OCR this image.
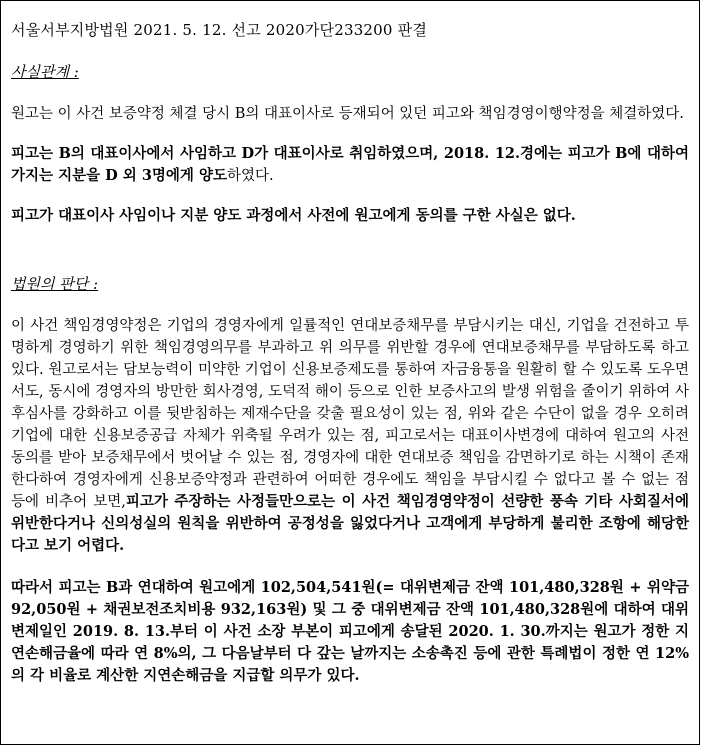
서울서부지방법원 2021. 5. 12. 선고 2020가단233200 판결

사실관계 :

원고는 이 사건 보증약정 체결 당시 B의 대표이사로 등재되어 있던 피고와 책임경영이행약정을 체결하였다.

피고는 B의 대표이사에서 사임하고 D가 대표이사로 취임하였으며, 2018. 12.경에는 피고가 B에 대하여 가지는 지분을 D 외 3명에게 양도하였다.

피고가 대표이사 사임이나 지분 양도 과정에서 사전에 원고에게 동의를 구한 사실은 없다.

법원의 판단 :

이 사건 책임경영약정은 기업의 경영자에게 일률적인 연대보증채무를 부담시키는 대신, 기업을 건전하고 투명하게 경영하기 위한 책임경영의무를 부과하고 위 의무를 위반할 경우에 연대보증채무를 부담하도록 하고 있다. 원고로서는 담보능력이 미약한 기업이 신용보증제도를 통하여 자금융통을 원활히 할 수 있도록 도우면서도, 동시에 경영자의 방만한 회사경영, 도덕적 해이 등으로 인한 보증사고의 발생 위험을 줄이기 위하여 사후심사를 강화하고 이를 뒷받침하는 제재수단을 갖출 필요성이 있는 점, 위와 같은 수단이 없을 경우 오히려 기업에 대한 신용보증공급 자체가 위축될 우려가 있는 점, 피고로서는 대표이사변경에 대하여 원고의 사전 동의를 받아 보증채무에서 벗어날 수 있는 점, 경영자에 대한 연대보증 책임을 감면하기로 하는 시책이 존재한다하여 경영자에게 신용보증약정과 관련하여 어떠한 경우에도 책임을 부담시킬 수 없다고 볼 수 없는 점 등에 비추어 보면,피고가 주장하는 사정들만으로는 이 사건 책임경영약정이 선량한 풍속 기타 사회질서에 위반한다거나 신의성실의 원칙을 위반하여 공정성을 잃었다거나 고객에게 부당하게 불리한 조항에 해당한다고 보기 어렵다.

따라서 피고는 B과 연대하여 원고에게 102,504,541원(= 대위변제금 잔액 101,480,328원 + 위약금 92,050원 + 채권보전조치비용 932,163원) 및 그 중 대위변제금 잔액 101,480,328원에 대하여 대위변제일인 2019. 8. 13.부터 이 사건 소장 부본이 피고에게 송달된 2020. 1. 30.까지는 원고가 정한 지연손해금율에 따라 연 8%의, 그 다음날부터 다 갚는 날까지는 소송촉진 등에 관한 특례법이 정한 연 12%의 각 비율로 계산한 지연손해금을 지급할 의무가 있다.
